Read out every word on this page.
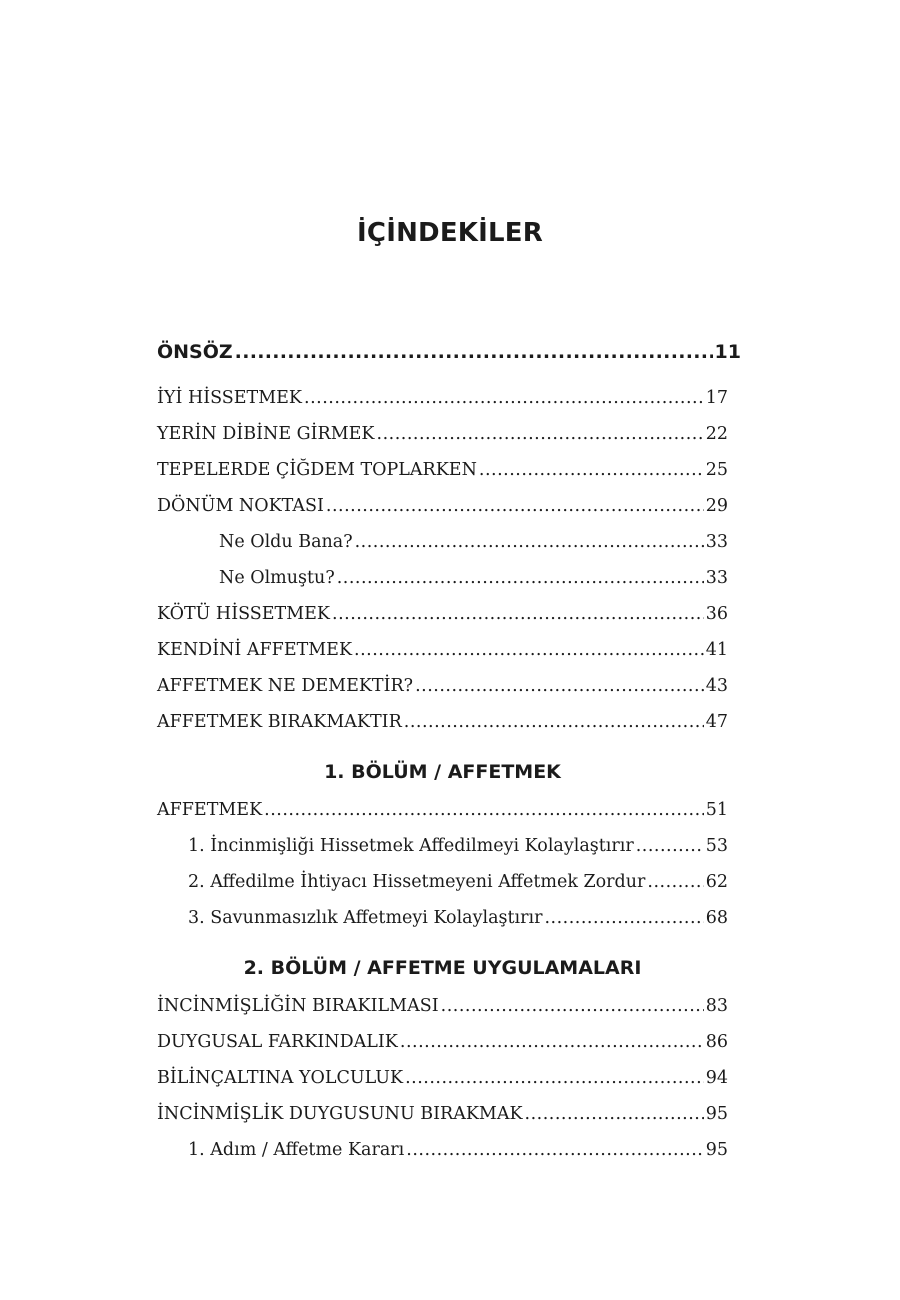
İÇİNDEKİLER
ÖNSÖZ .....	11
İYİ HİSSETMEK .....	17
YERİN DİBİNE GİRMEK .....	22
TEPELERDE ÇİĞDEM TOPLARKEN .....	25
DÖNÜM NOKTASI .....	29
Ne Oldu Bana? .....	33
Ne Olmuştu? .....	33
KÖTÜ HİSSETMEK .....	36
KENDİNİ AFFETMEK .....	41
AFFETMEK NE DEMEKTİR? .....	43
AFFETMEK BIRAKMAKTIR .....	47
1. BÖLÜM / AFFETMEK
AFFETMEK .....	51
1. İncinmişliği Hissetmek Affedilmeyi Kolaylaştırır .....	53
2. Affedilme İhtiyacı Hissetmeyeni Affetmek Zordur .....	62
3. Savunmasızlık Affetmeyi Kolaylaştırır .....	68
2. BÖLÜM / AFFETME UYGULAMALARI
İNCİNMİŞLİĞİN BIRAKILMASI .....	83
DUYGUSAL FARKINDALIK .....	86
BİLİNÇALTINA YOLCULUK .....	94
İNCİNMİŞLİK DUYGUSUNU BIRAKMAK .....	95
1. Adım / Affetme Kararı .....	95
